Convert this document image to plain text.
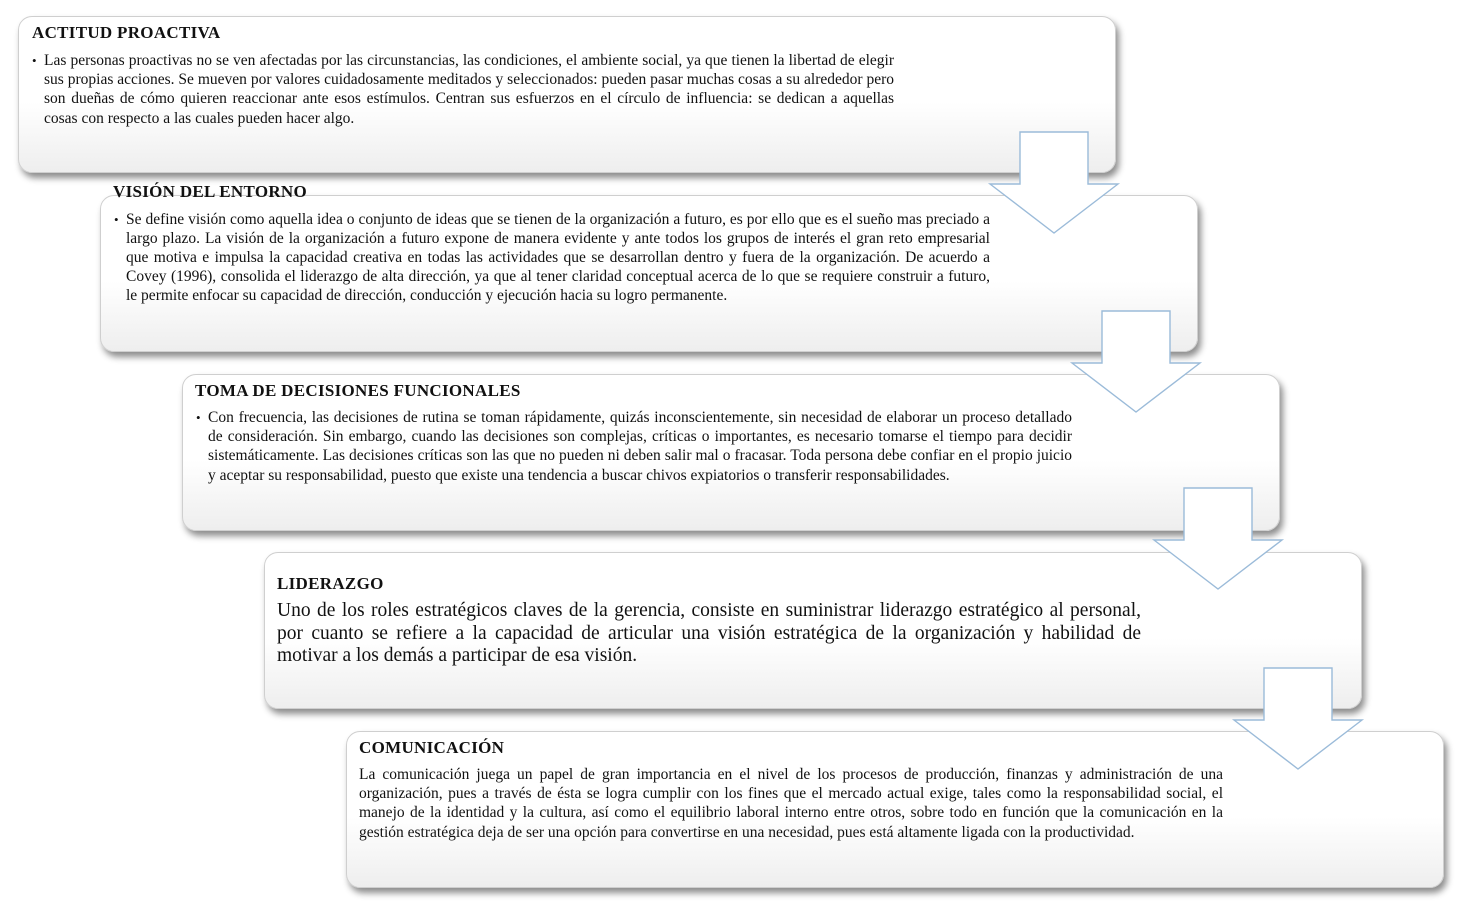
ACTITUD PROACTIVA
• Las personas proactivas no se ven afectadas por las circunstancias, las condiciones, el ambiente social, ya que tienen la libertad de elegir sus propias acciones. Se mueven por valores cuidadosamente meditados y seleccionados: pueden pasar muchas cosas a su alrededor pero son dueñas de cómo quieren reaccionar ante esos estímulos. Centran sus esfuerzos en el círculo de influencia: se dedican a aquellas cosas con respecto a las cuales pueden hacer algo.
VISIÓN DEL ENTORNO
• Se define visión como aquella idea o conjunto de ideas que se tienen de la organización a futuro, es por ello que es el sueño mas preciado a largo plazo. La visión de la organización a futuro expone de manera evidente y ante todos los grupos de interés el gran reto empresarial que motiva e impulsa la capacidad creativa en todas las actividades que se desarrollan dentro y fuera de la organización. De acuerdo a Covey (1996), consolida el liderazgo de alta dirección, ya que al tener claridad conceptual acerca de lo que se requiere construir a futuro, le permite enfocar su capacidad de dirección, conducción y ejecución hacia su logro permanente.
TOMA DE DECISIONES FUNCIONALES
• Con frecuencia, las decisiones de rutina se toman rápidamente, quizás inconscientemente, sin necesidad de elaborar un proceso detallado de consideración. Sin embargo, cuando las decisiones son complejas, críticas o importantes, es necesario tomarse el tiempo para decidir sistemáticamente. Las decisiones críticas son las que no pueden ni deben salir mal o fracasar. Toda persona debe confiar en el propio juicio y aceptar su responsabilidad, puesto que existe una tendencia a buscar chivos expiatorios o transferir responsabilidades.
LIDERAZGO
Uno de los roles estratégicos claves de la gerencia, consiste en suministrar liderazgo estratégico al personal, por cuanto se refiere a la capacidad de articular una visión estratégica de la organización y habilidad de motivar a los demás a participar de esa visión.
COMUNICACIÓN
La comunicación juega un papel de gran importancia en el nivel de los procesos de producción, finanzas y administración de una organización, pues a través de ésta se logra cumplir con los fines que el mercado actual exige, tales como la responsabilidad social, el manejo de la identidad y la cultura, así como el equilibrio laboral interno entre otros, sobre todo en función que la comunicación en la gestión estratégica deja de ser una opción para convertirse en una necesidad, pues está altamente ligada con la productividad.
